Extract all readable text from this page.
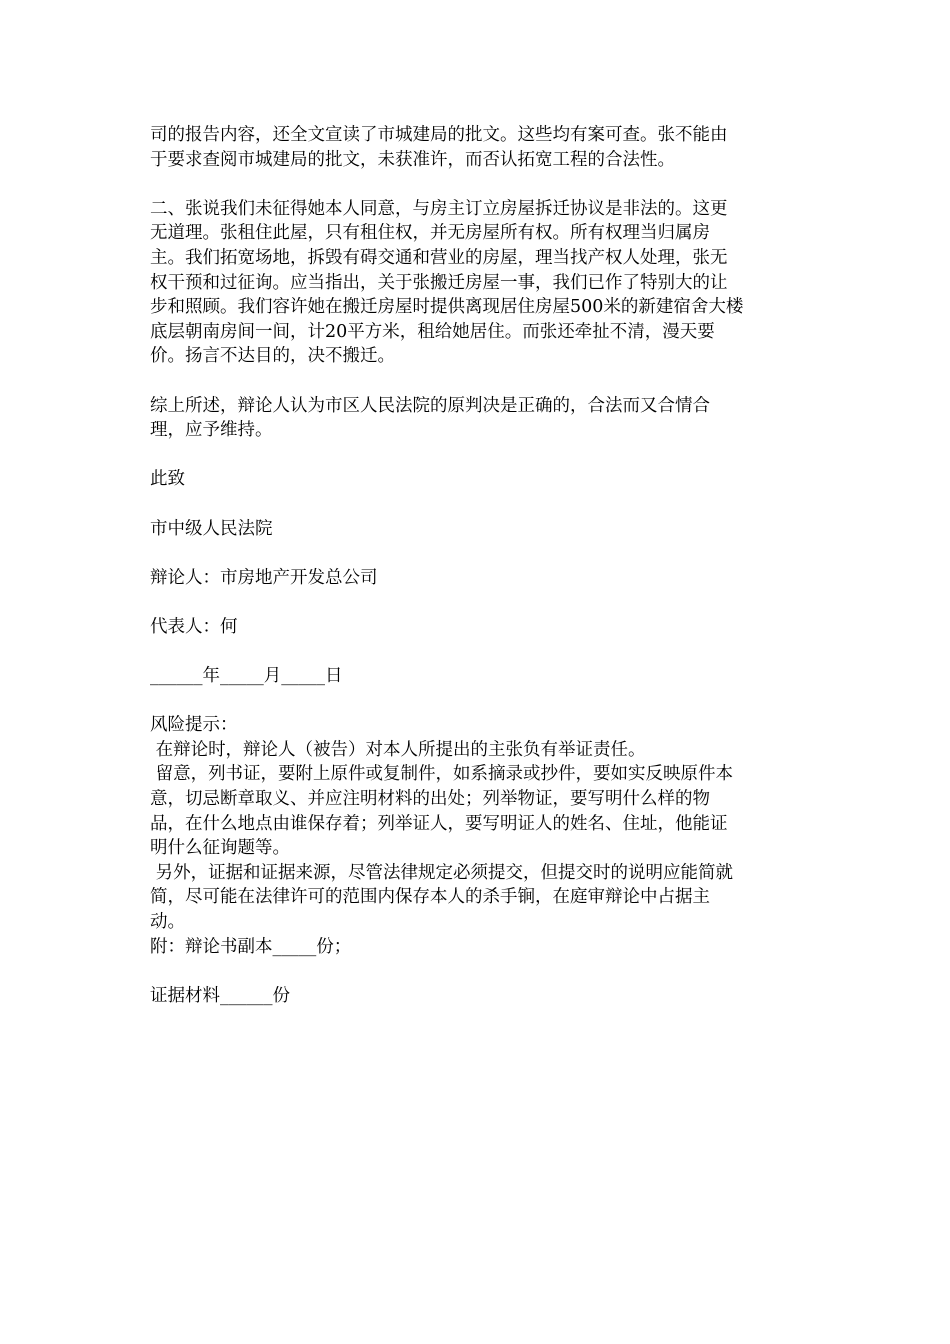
司的报告内容，还全文宣读了市城建局的批文。这些均有案可查。张不能由
于要求查阅市城建局的批文，未获准许，而否认拓宽工程的合法性。
二、张说我们未征得她本人同意，与房主订立房屋拆迁协议是非法的。这更
无道理。张租住此屋，只有租住权，并无房屋所有权。所有权理当归属房
主。我们拓宽场地，拆毁有碍交通和营业的房屋，理当找产权人处理，张无
权干预和过征询。应当指出，关于张搬迁房屋一事，我们已作了特别大的让
步和照顾。我们容许她在搬迁房屋时提供离现居住房屋500米的新建宿舍大楼
底层朝南房间一间，计20平方米，租给她居住。而张还牵扯不清，漫天要
价。扬言不达目的，决不搬迁。
综上所述，辩论人认为市区人民法院的原判决是正确的，合法而又合情合
理，应予维持。
此致
市中级人民法院
辩论人：市房地产开发总公司
代表人：何
______年_____月_____日
风险提示：
在辩论时，辩论人（被告）对本人所提出的主张负有举证责任。
留意，列书证，要附上原件或复制件，如系摘录或抄件，要如实反映原件本
意，切忌断章取义、并应注明材料的出处；列举物证，要写明什么样的物
品，在什么地点由谁保存着；列举证人，要写明证人的姓名、住址，他能证
明什么征询题等。
另外，证据和证据来源，尽管法律规定必须提交，但提交时的说明应能简就
简，尽可能在法律许可的范围内保存本人的杀手锏，在庭审辩论中占据主
动。
附：辩论书副本_____份；
证据材料______份
